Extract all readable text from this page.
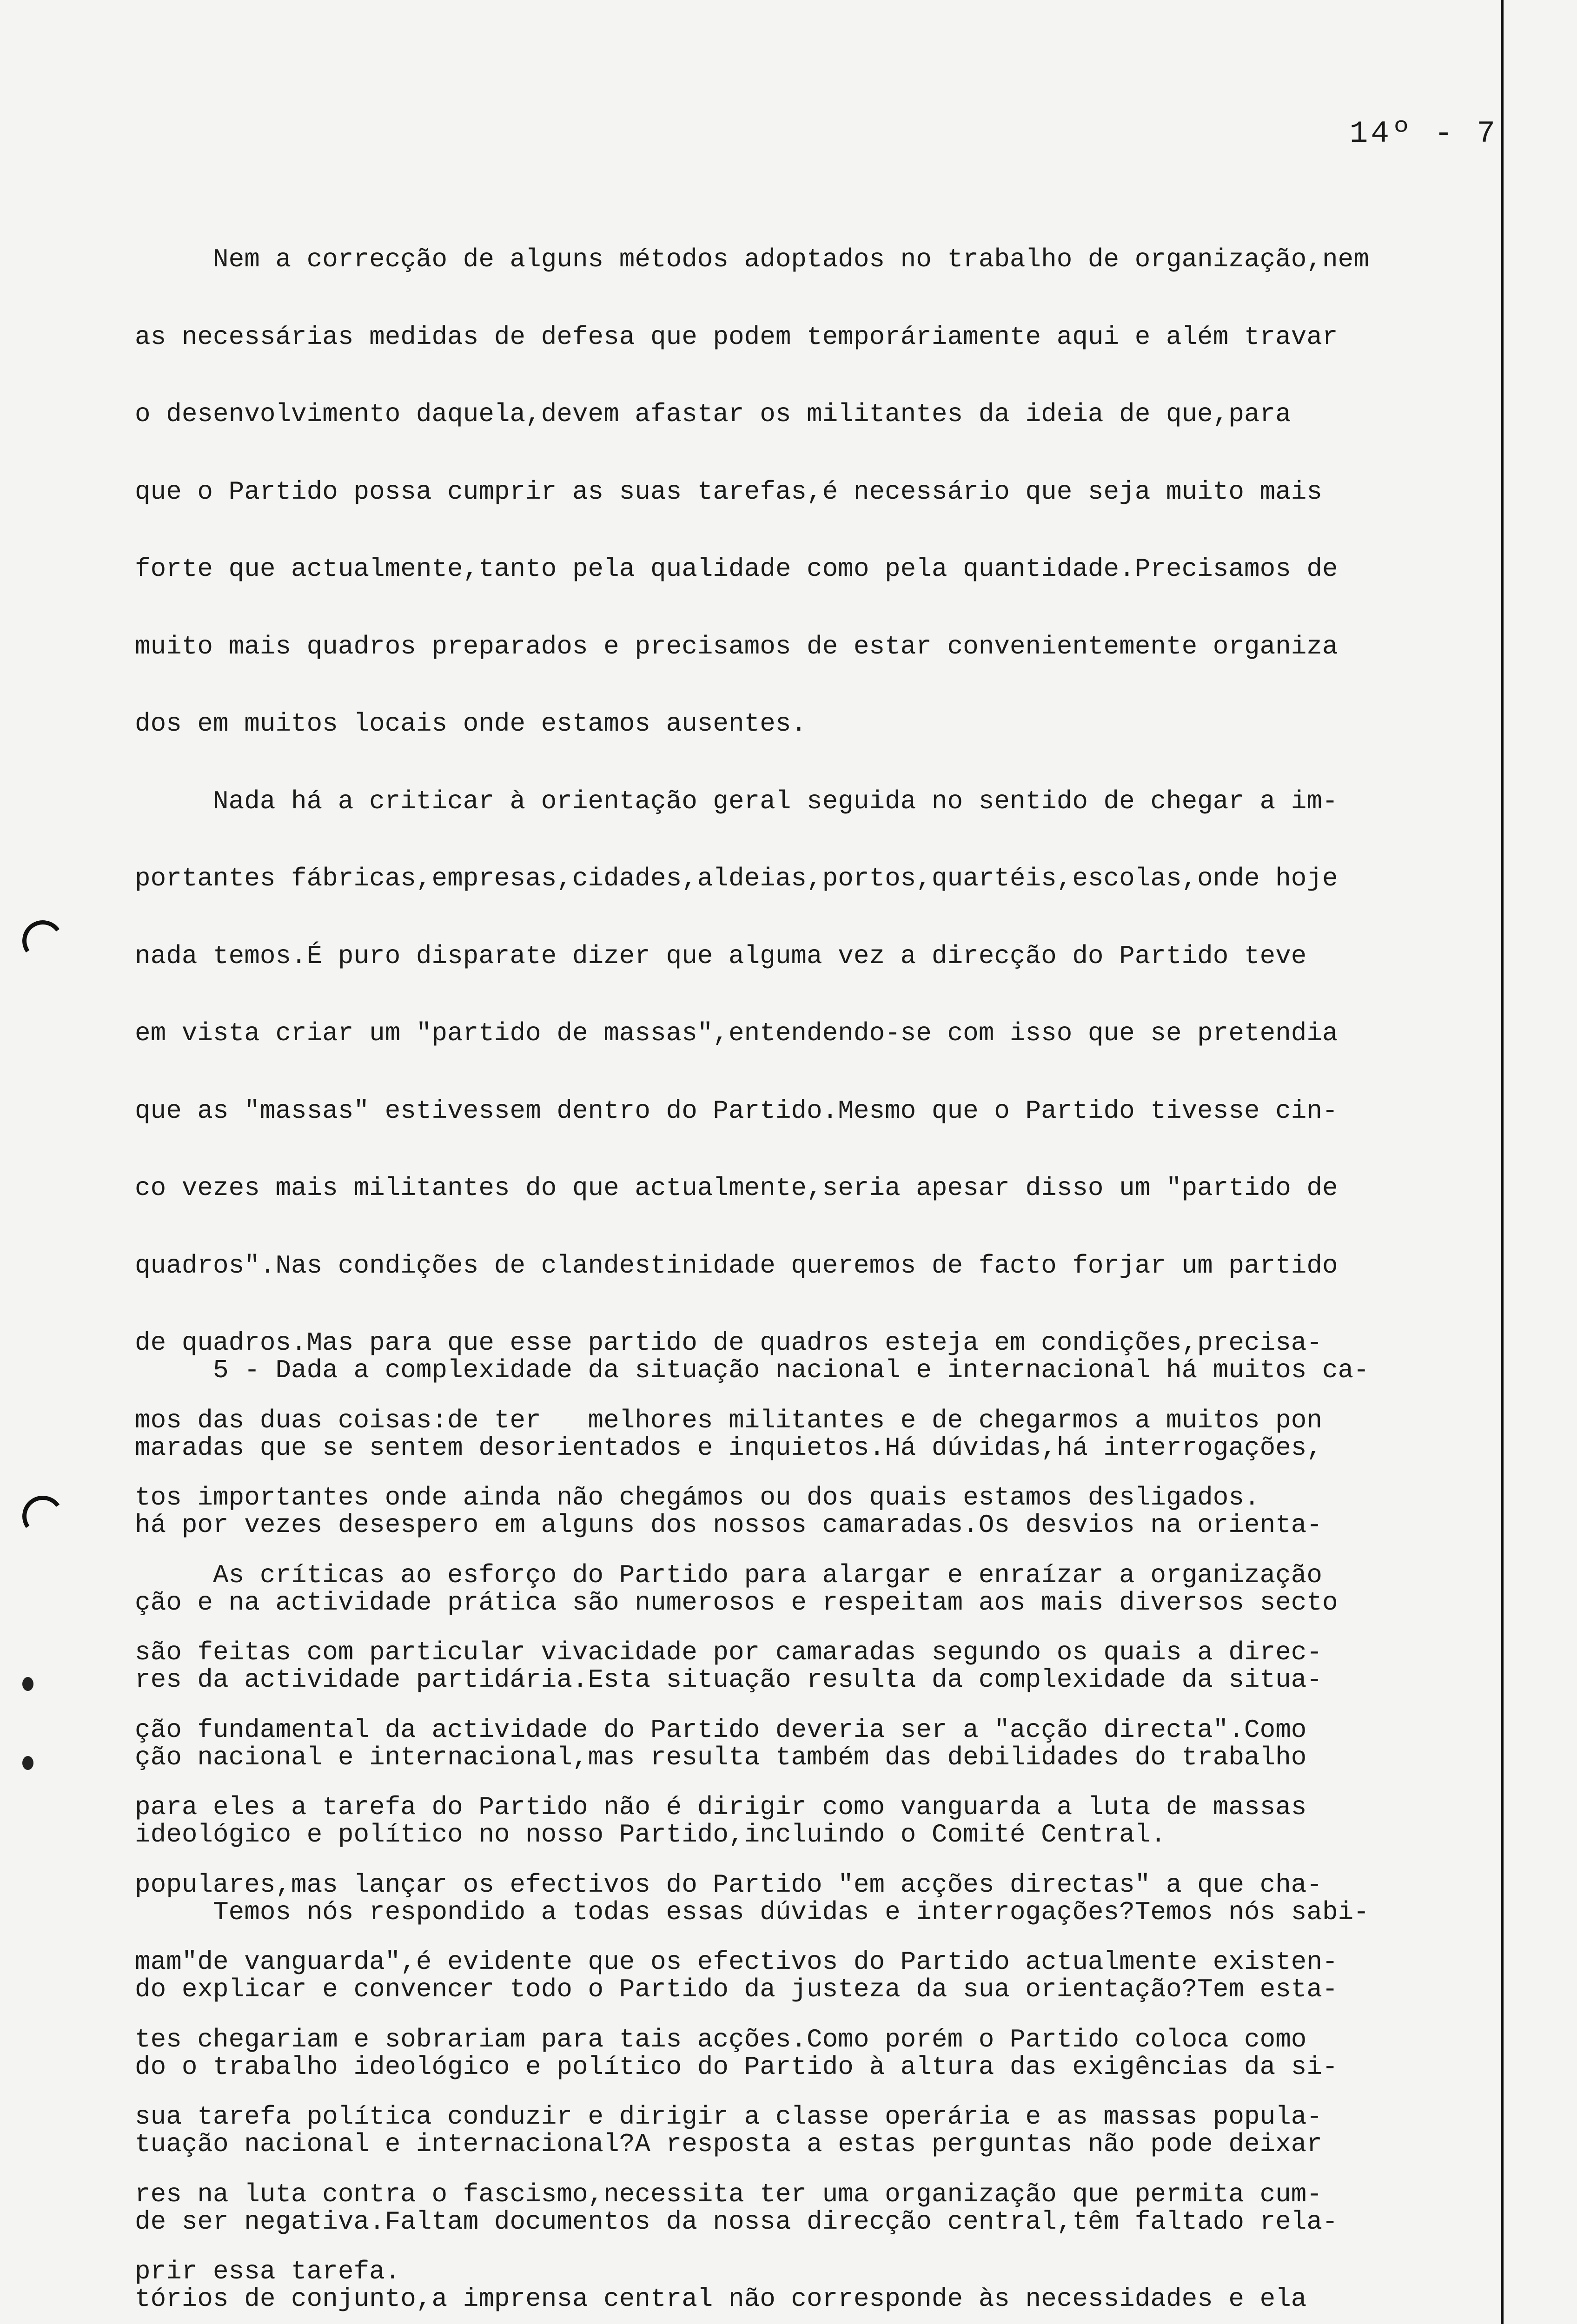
14º - 7

Nem a correcção de alguns métodos adoptados no trabalho de organização,nem

as necessárias medidas de defesa que podem temporáriamente aqui e além travar

o desenvolvimento daquela,devem afastar os militantes da ideia de que,para

que o Partido possa cumprir as suas tarefas,é necessário que seja muito mais

forte que actualmente,tanto pela qualidade como pela quantidade.Precisamos de

muito mais quadros preparados e precisamos de estar convenientemente organiza

dos em muitos locais onde estamos ausentes.

Nada há a criticar à orientação geral seguida no sentido de chegar a im-

portantes fábricas,empresas,cidades,aldeias,portos,quartéis,escolas,onde hoje

nada temos.É puro disparate dizer que alguma vez a direcção do Partido teve

em vista criar um "partido de massas",entendendo-se com isso que se pretendia

que as "massas" estivessem dentro do Partido.Mesmo que o Partido tivesse cin-

co vezes mais militantes do que actualmente,seria apesar disso um "partido de

quadros".Nas condições de clandestinidade queremos de facto forjar um partido

de quadros.Mas para que esse partido de quadros esteja em condições,precisa-

mos das duas coisas:de ter   melhores militantes e de chegarmos a muitos pon

tos importantes onde ainda não chegámos ou dos quais estamos desligados.

As críticas ao esforço do Partido para alargar e enraízar a organização

são feitas com particular vivacidade por camaradas segundo os quais a direc-

ção fundamental da actividade do Partido deveria ser a "acção directa".Como

para eles a tarefa do Partido não é dirigir como vanguarda a luta de massas

populares,mas lançar os efectivos do Partido "em acções directas" a que cha-

mam"de vanguarda",é evidente que os efectivos do Partido actualmente existen-

tes chegariam e sobrariam para tais acções.Como porém o Partido coloca como

sua tarefa política conduzir e dirigir a classe operária e as massas popula-

res na luta contra o fascismo,necessita ter uma organização que permita cum-

prir essa tarefa.

5 - Dada a complexidade da situação nacional e internacional há muitos ca-

maradas que se sentem desorientados e inquietos.Há dúvidas,há interrogações,

há por vezes desespero em alguns dos nossos camaradas.Os desvios na orienta-

ção e na actividade prática são numerosos e respeitam aos mais diversos secto

res da actividade partidária.Esta situação resulta da complexidade da situa-

ção nacional e internacional,mas resulta também das debilidades do trabalho

ideológico e político no nosso Partido,incluindo o Comité Central.

Temos nós respondido a todas essas dúvidas e interrogações?Temos nós sabi-

do explicar e convencer todo o Partido da justeza da sua orientação?Tem esta-

do o trabalho ideológico e político do Partido à altura das exigências da si-

tuação nacional e internacional?A resposta a estas perguntas não pode deixar

de ser negativa.Faltam documentos da nossa direcção central,têm faltado rela-

tórios de conjunto,a imprensa central não corresponde às necessidades e ela
